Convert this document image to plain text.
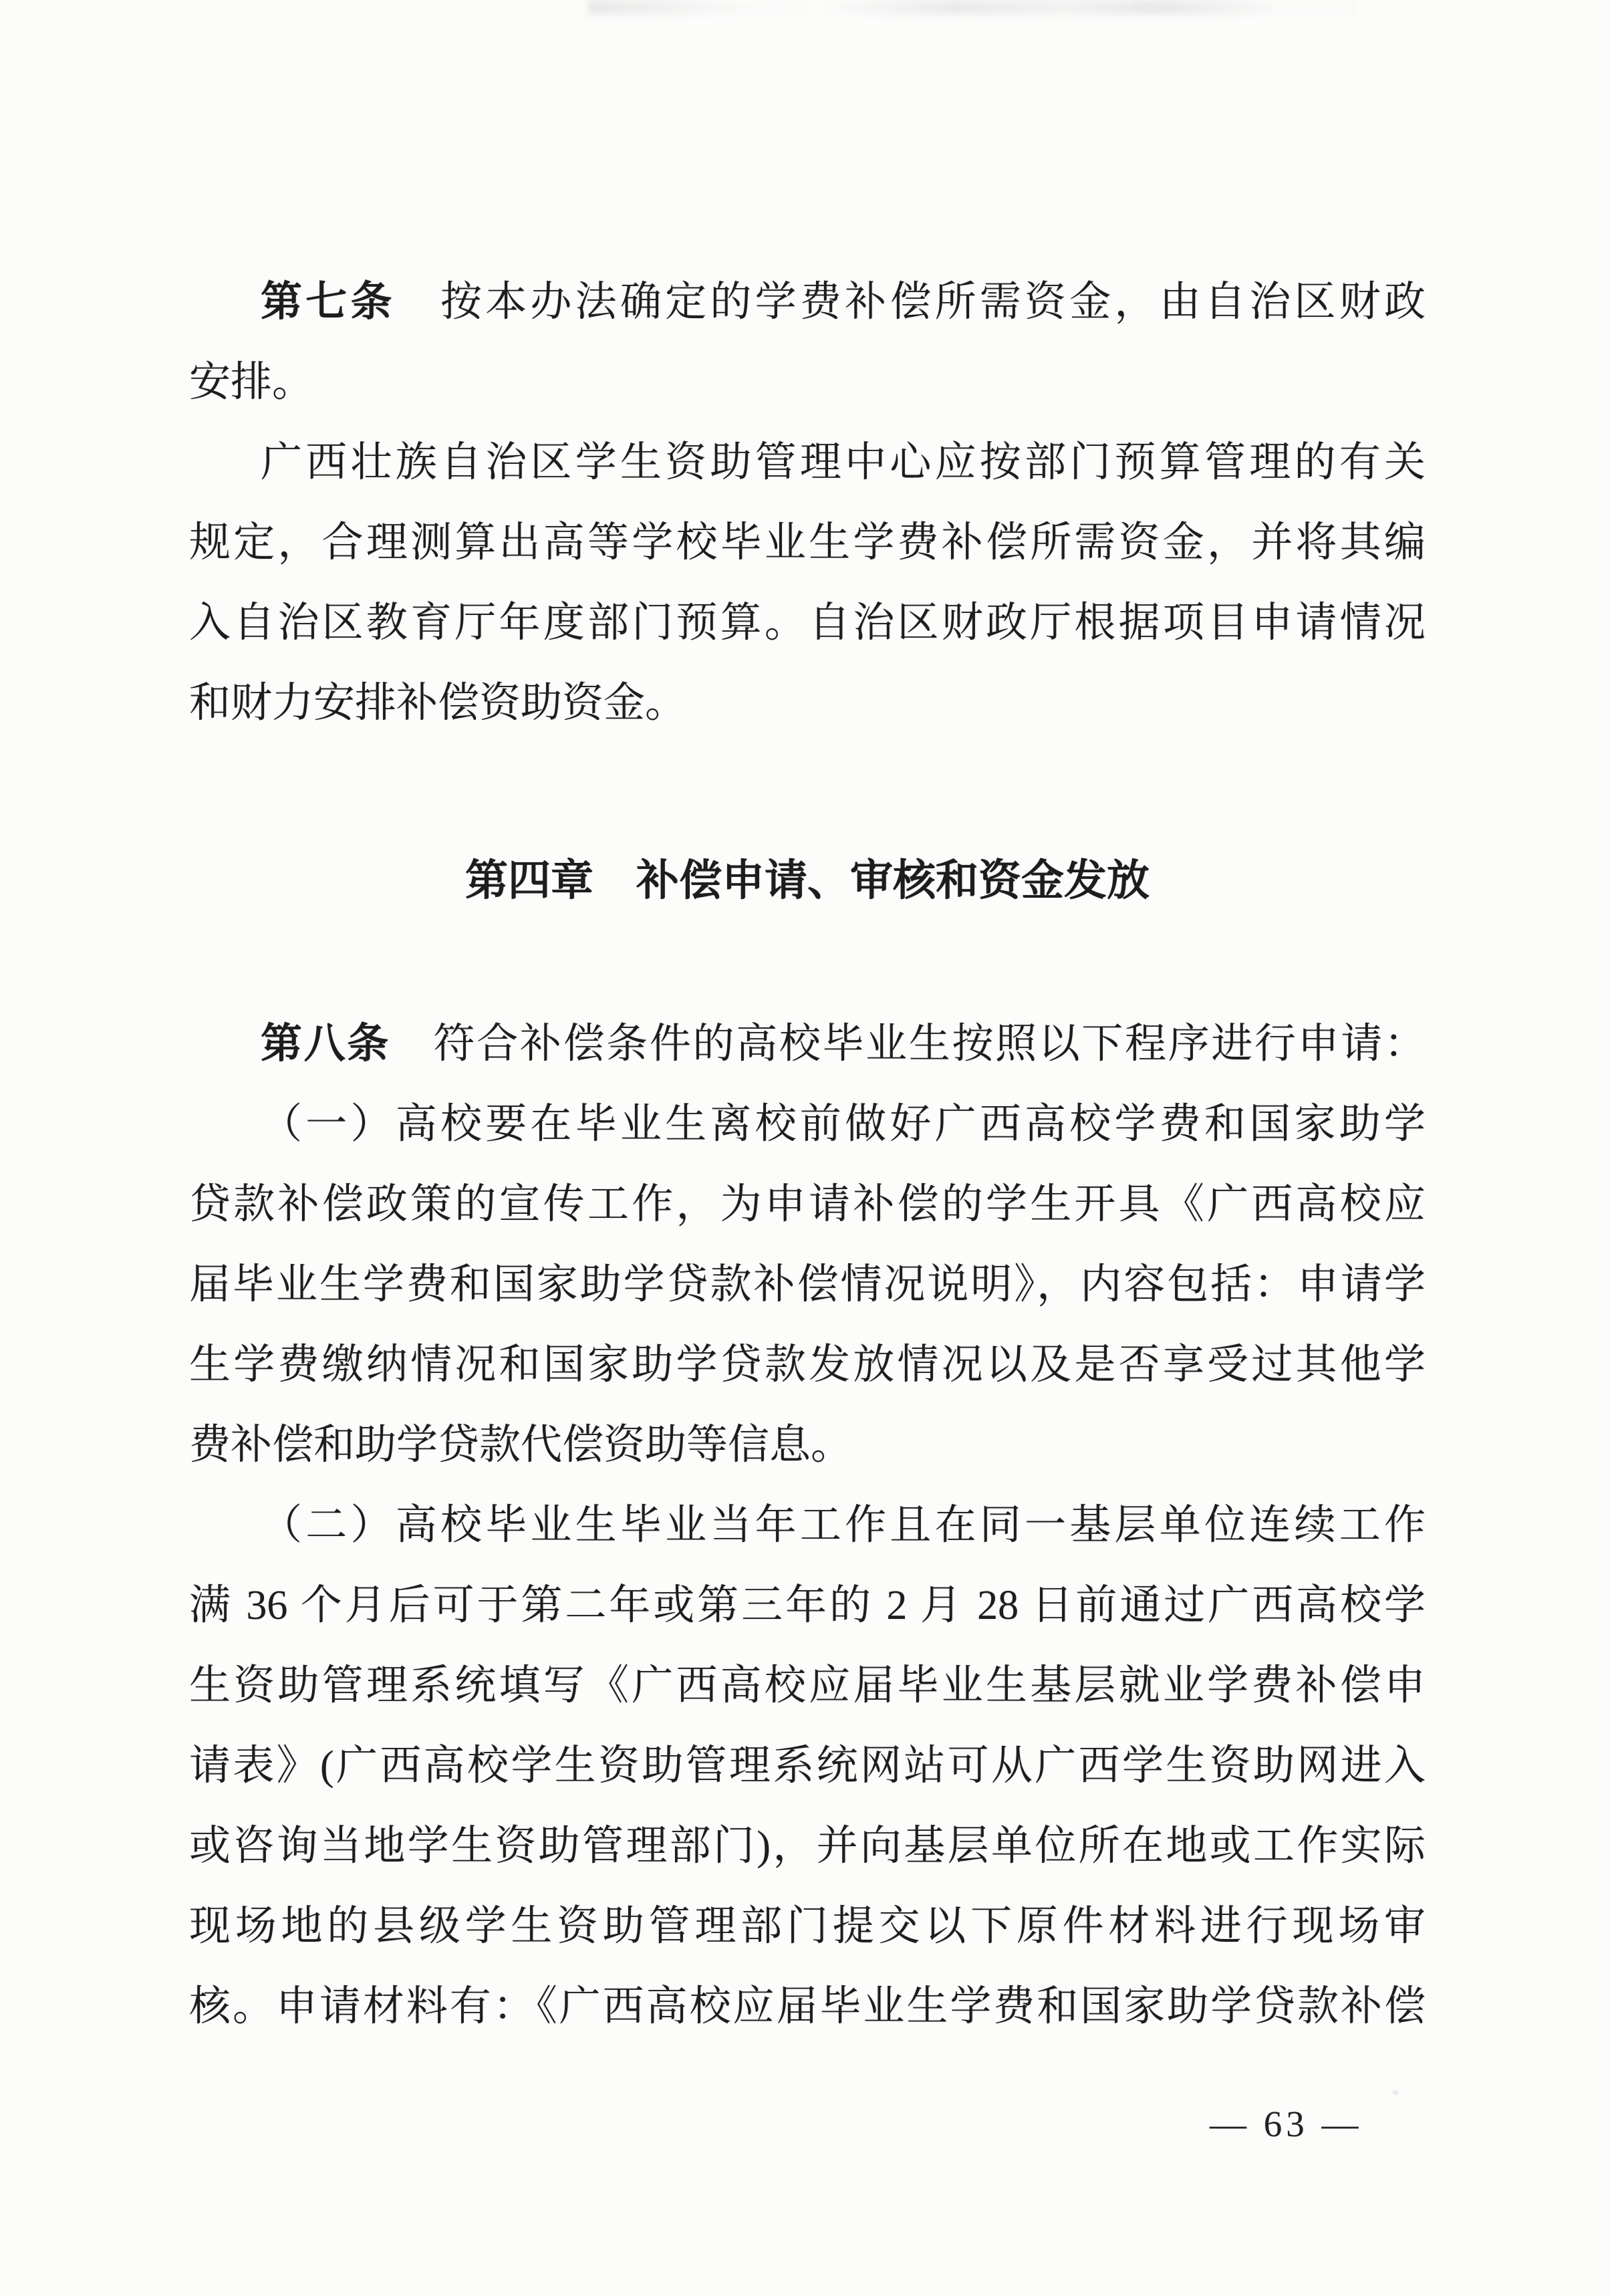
第七条　按本办法确定的学费补偿所需资金，由自治区财政

安排。

广西壮族自治区学生资助管理中心应按部门预算管理的有关

规定，合理测算出高等学校毕业生学费补偿所需资金，并将其编

入自治区教育厅年度部门预算。自治区财政厅根据项目申请情况

和财力安排补偿资助资金。

第四章　补偿申请、审核和资金发放

第八条　符合补偿条件的高校毕业生按照以下程序进行申请：

（一）高校要在毕业生离校前做好广西高校学费和国家助学

贷款补偿政策的宣传工作，为申请补偿的学生开具《广西高校应

届毕业生学费和国家助学贷款补偿情况说明》，内容包括：申请学

生学费缴纳情况和国家助学贷款发放情况以及是否享受过其他学

费补偿和助学贷款代偿资助等信息。

（二）高校毕业生毕业当年工作且在同一基层单位连续工作

满 36 个月后可于第二年或第三年的 2 月 28 日前通过广西高校学

生资助管理系统填写《广西高校应届毕业生基层就业学费补偿申

请表》(广西高校学生资助管理系统网站可从广西学生资助网进入

或咨询当地学生资助管理部门)，并向基层单位所在地或工作实际

现场地的县级学生资助管理部门提交以下原件材料进行现场审

核。申请材料有：《广西高校应届毕业生学费和国家助学贷款补偿

— 63 —
